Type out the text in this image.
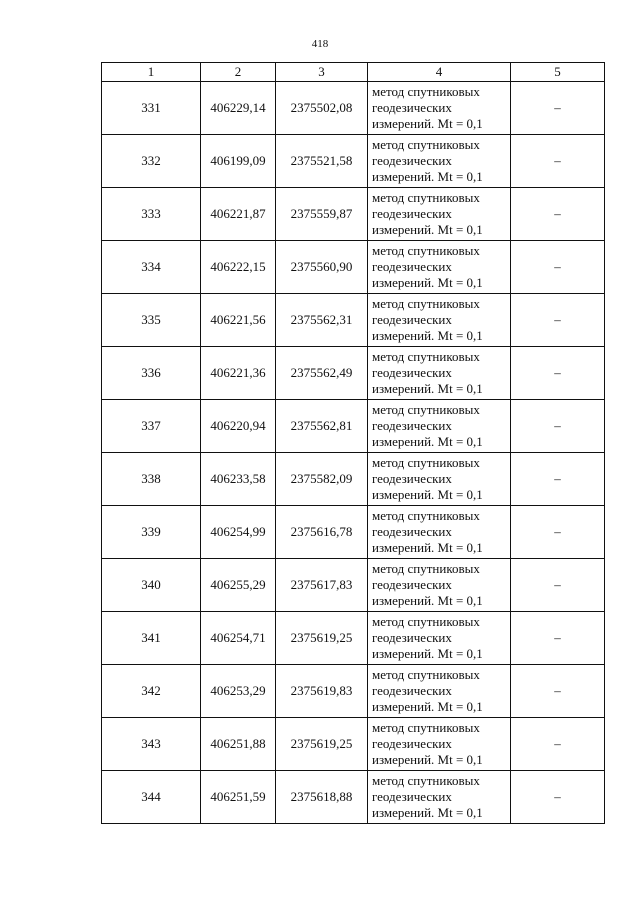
418
1	2	3	4	5
331	406229,14	2375502,08	метод спутниковых
геодезических
измерений. Mt = 0,1	–
332	406199,09	2375521,58	метод спутниковых
геодезических
измерений. Mt = 0,1	–
333	406221,87	2375559,87	метод спутниковых
геодезических
измерений. Mt = 0,1	–
334	406222,15	2375560,90	метод спутниковых
геодезических
измерений. Mt = 0,1	–
335	406221,56	2375562,31	метод спутниковых
геодезических
измерений. Mt = 0,1	–
336	406221,36	2375562,49	метод спутниковых
геодезических
измерений. Mt = 0,1	–
337	406220,94	2375562,81	метод спутниковых
геодезических
измерений. Mt = 0,1	–
338	406233,58	2375582,09	метод спутниковых
геодезических
измерений. Mt = 0,1	–
339	406254,99	2375616,78	метод спутниковых
геодезических
измерений. Mt = 0,1	–
340	406255,29	2375617,83	метод спутниковых
геодезических
измерений. Mt = 0,1	–
341	406254,71	2375619,25	метод спутниковых
геодезических
измерений. Mt = 0,1	–
342	406253,29	2375619,83	метод спутниковых
геодезических
измерений. Mt = 0,1	–
343	406251,88	2375619,25	метод спутниковых
геодезических
измерений. Mt = 0,1	–
344	406251,59	2375618,88	метод спутниковых
геодезических
измерений. Mt = 0,1	–
